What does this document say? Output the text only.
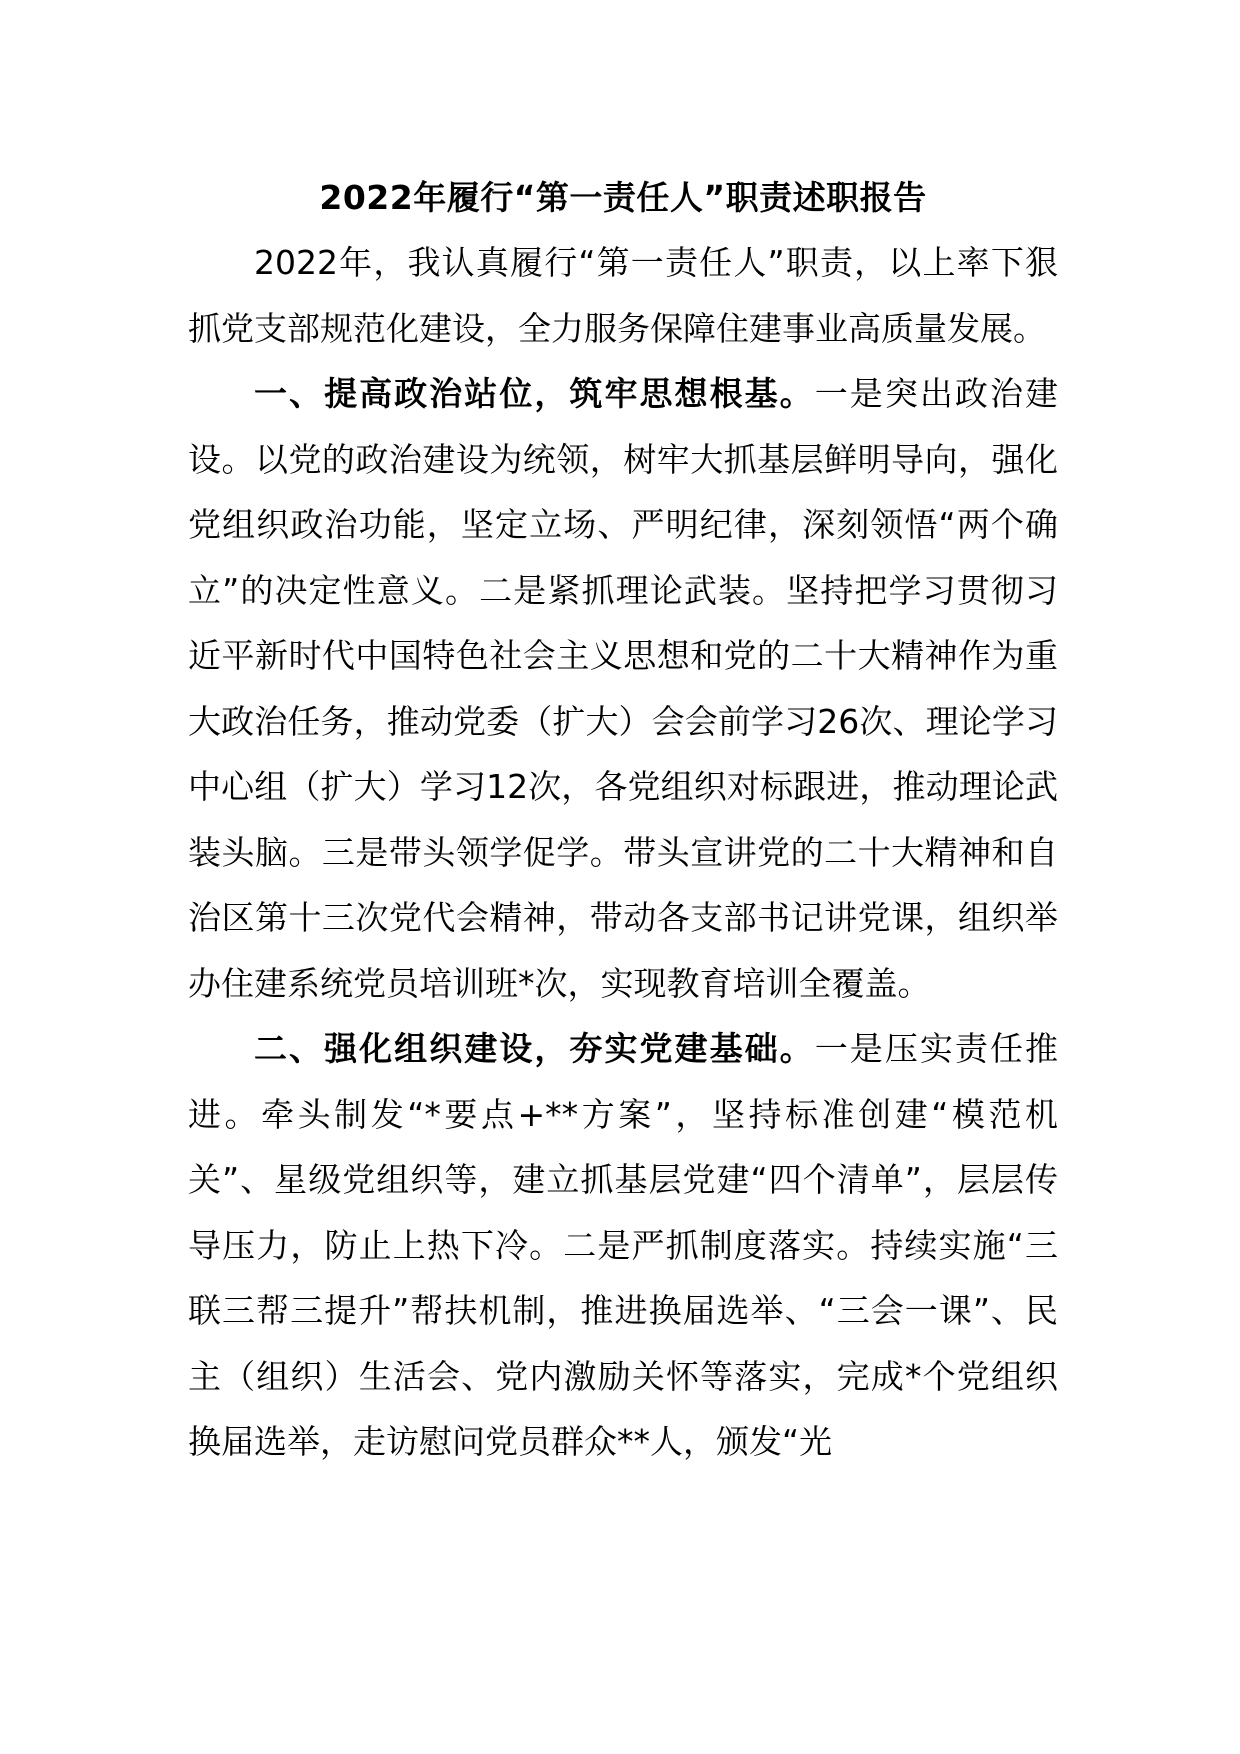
2022年履行“第一责任人”职责述职报告

2022年，我认真履行“第一责任人”职责，以上率下狠抓党支部规范化建设，全力服务保障住建事业高质量发展。

一、提高政治站位，筑牢思想根基。一是突出政治建设。以党的政治建设为统领，树牢大抓基层鲜明导向，强化党组织政治功能，坚定立场、严明纪律，深刻领悟“两个确立”的决定性意义。二是紧抓理论武装。坚持把学习贯彻习近平新时代中国特色社会主义思想和党的二十大精神作为重大政治任务，推动党委（扩大）会会前学习26次、理论学习中心组（扩大）学习12次，各党组织对标跟进，推动理论武装头脑。三是带头领学促学。带头宣讲党的二十大精神和自治区第十三次党代会精神，带动各支部书记讲党课，组织举办住建系统党员培训班*次，实现教育培训全覆盖。

二、强化组织建设，夯实党建基础。一是压实责任推进。牵头制发“*要点+**方案”，坚持标准创建“模范机关”、星级党组织等，建立抓基层党建“四个清单”，层层传导压力，防止上热下冷。二是严抓制度落实。持续实施“三联三帮三提升”帮扶机制，推进换届选举、“三会一课”、民主（组织）生活会、党内激励关怀等落实，完成*个党组织换届选举，走访慰问党员群众**人，颁发“光
